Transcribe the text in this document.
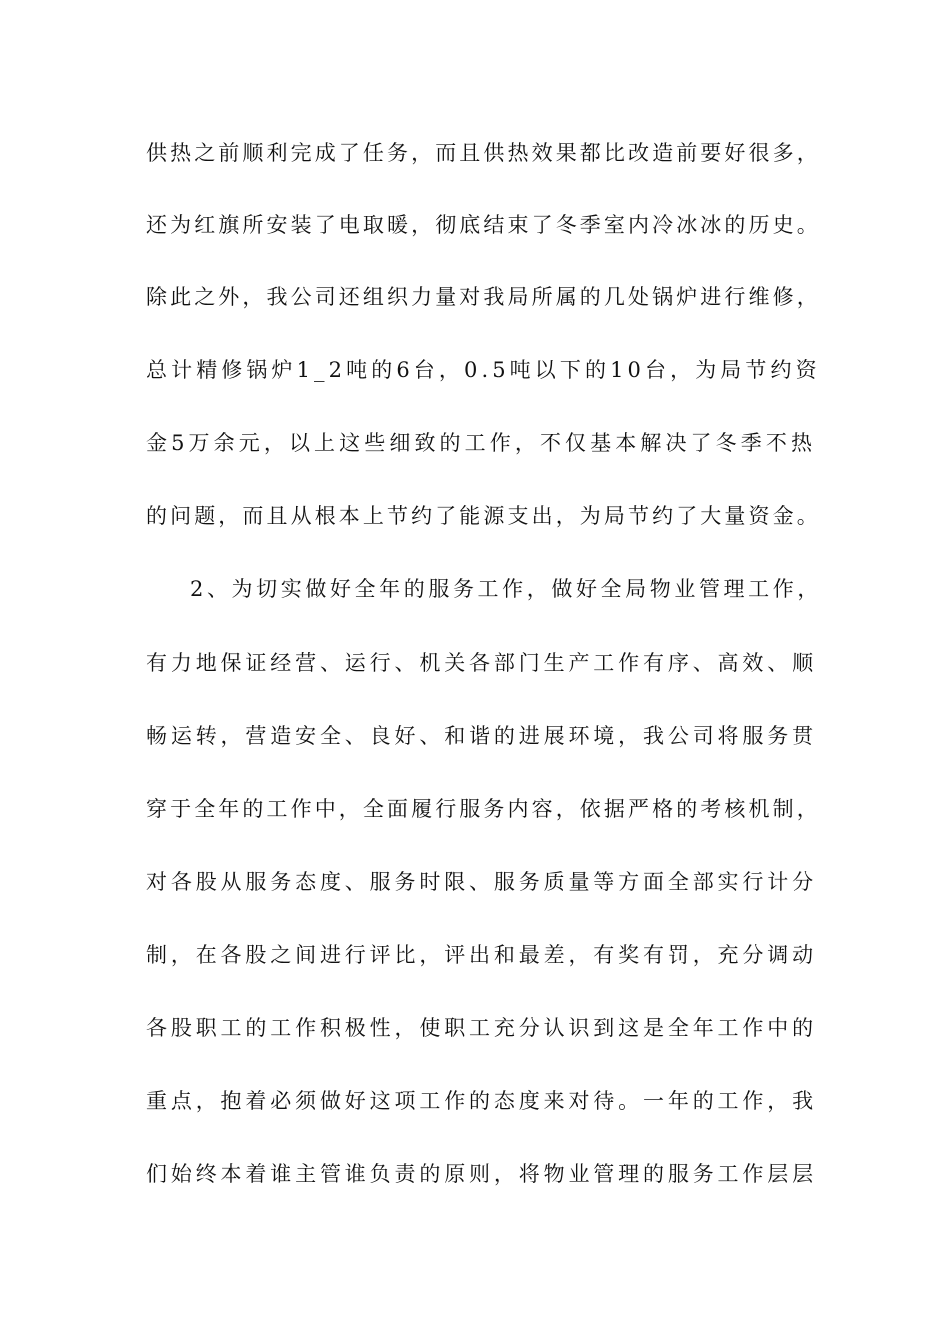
供热之前顺利完成了任务，而且供热效果都比改造前要好很多，
还为红旗所安装了电取暖，彻底结束了冬季室内冷冰冰的历史。
除此之外，我公司还组织力量对我局所属的几处锅炉进行维修，
总计精修锅炉1_2吨的6台，0.5吨以下的10台，为局节约资
金5万余元，以上这些细致的工作，不仅基本解决了冬季不热
的问题，而且从根本上节约了能源支出，为局节约了大量资金。
2、为切实做好全年的服务工作，做好全局物业管理工作，
有力地保证经营、运行、机关各部门生产工作有序、高效、顺
畅运转，营造安全、良好、和谐的进展环境，我公司将服务贯
穿于全年的工作中，全面履行服务内容，依据严格的考核机制，
对各股从服务态度、服务时限、服务质量等方面全部实行计分
制，在各股之间进行评比，评出和最差，有奖有罚，充分调动
各股职工的工作积极性，使职工充分认识到这是全年工作中的
重点，抱着必须做好这项工作的态度来对待。一年的工作，我
们始终本着谁主管谁负责的原则，将物业管理的服务工作层层
